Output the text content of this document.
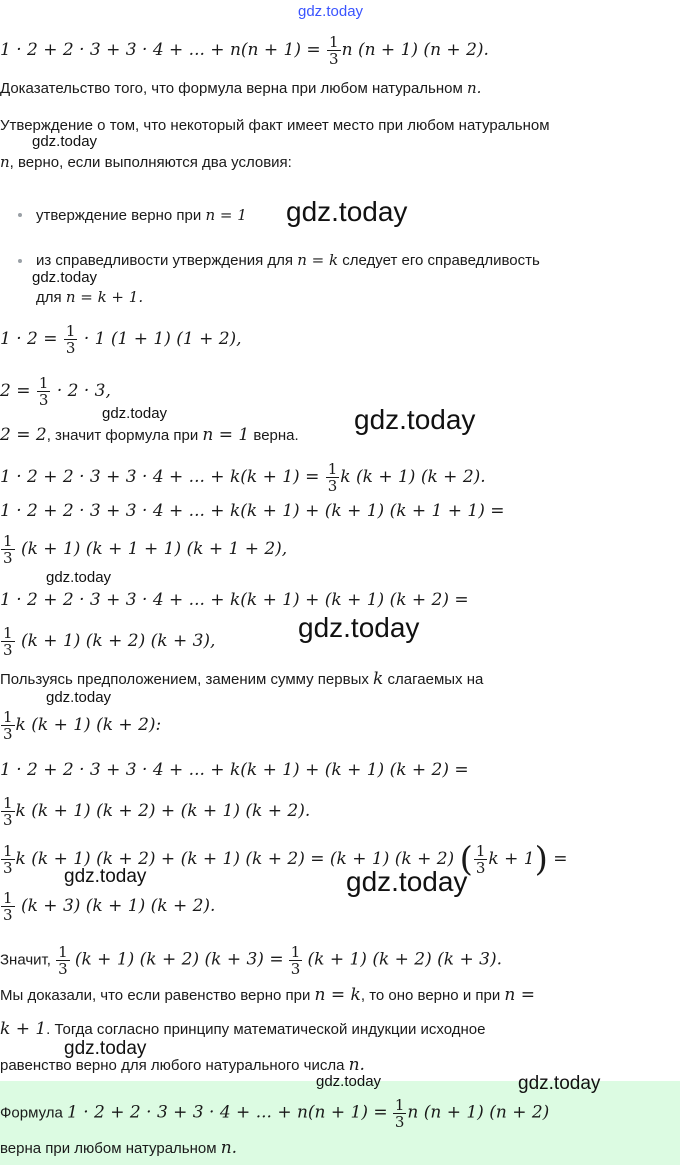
gdz.today
1 · 2 + 2 · 3 + 3 · 4 + ... + $n(n + 1) = \frac{1}{3}$ n (n + 1) (n + 2).
Доказательство того, что формула верна при любом натуральном n.
Утверждение о том, что некоторый факт имеет место при любом натуральном
gdz.today
n, верно, если выполняются два условия:
утверждение верно при n = 1 gdz.today
из справедливости утверждения для n = k следует его справедливость
gdz.today
для n = k + 1.
$1 \cdot 2 = \frac{1}{3} \cdot 1$ (1 + 1) (1 + 2),
$2 = \frac{1}{3} \cdot 2 \cdot 3$,
gdz.today
2 = 2, значит формула при n = 1 верна.
gdz.today
1 · 2 + 2 · 3 + 3 · 4 + ... + $k(k + 1) = \frac{1}{3}$ k (k + 1) (k + 2).
1 · 2 + 2 · 3 + 3 · 4 + ... + k(k + 1) + (k + 1) (k + 1 + 1) =
$\frac{1}{3} (k + 1) (k + 1 + 1) (k + 1 + 2)$,
gdz.today
1 · 2 + 2 · 3 + 3 · 4 + ... + k(k + 1) + (k + 1) (k + 2) =
$\frac{1}{3} (k + 1) (k + 2) (k + 3)$,	gdz.today
Пользуясь предположением, заменим сумму первых k слагаемых на
gdz.today
$\frac{1}{3}$ k (k + 1) (k + 2):
1 · 2 + 2 · 3 + 3 · 4 + ... + k(k + 1) + (k + 1) (k + 2) =
$\frac{1}{3}$ k (k + 1) (k + 2) + (k + 1) (k + 2).
$\frac{1}{3}$ k (k + 1) (k + 2) + (k + 1) (k + 2) = (k + 1) (k + 2) ( $\frac{1}{3}$ k + 1) =
gdz.today	gdz.today
$\frac{1}{3} (k + 3) (k + 1) (k + 2)$.
Значит, $\frac{1}{3} (k + 1) (k + 2) (k + 3) = \frac{1}{3} (k + 1) (k + 2) (k + 3)$.
Мы доказали, что если равенство верно при n = k, то оно верно и при n =
k + 1. Тогда согласно принципу математической индукции исходное
gdz.today
равенство верно для любого натурального числа n.
gdz.today	gdz.today
Формула 1 · 2 + 2 · 3 + 3 · 4 + ... + $n(n + 1) = \frac{1}{3}$ n (n + 1) (n + 2)
верна при любом натуральном n.
